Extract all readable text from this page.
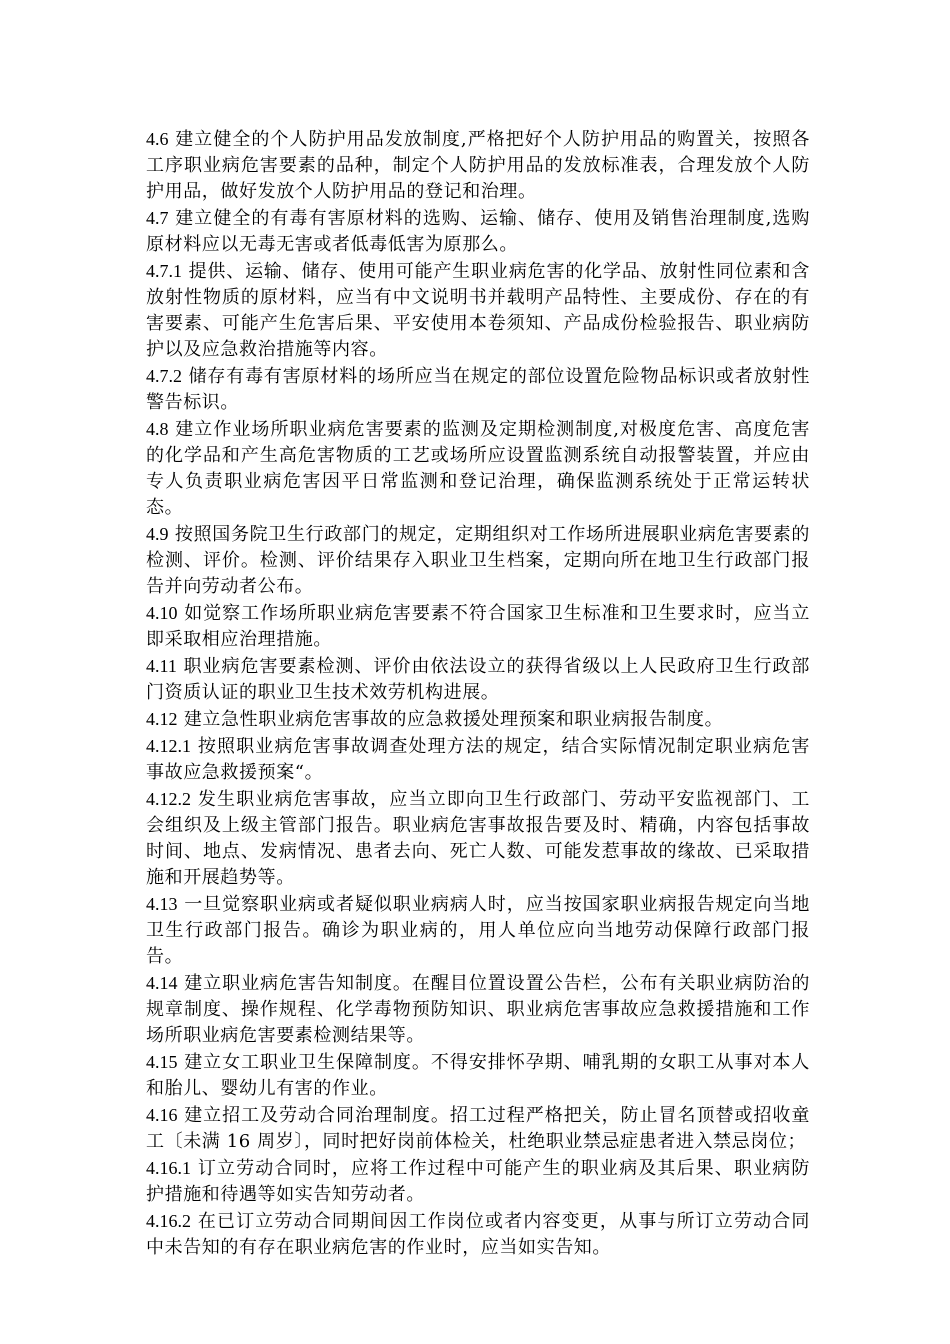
4.6 建立健全的个人防护用品发放制度,严格把好个人防护用品的购置关，按照各工序职业病危害要素的品种，制定个人防护用品的发放标准表，合理发放个人防护用品，做好发放个人防护用品的登记和治理。

4.7 建立健全的有毒有害原材料的选购、运输、储存、使用及销售治理制度,选购原材料应以无毒无害或者低毒低害为原那么。

4.7.1 提供、运输、储存、使用可能产生职业病危害的化学品、放射性同位素和含放射性物质的原材料，应当有中文说明书并载明产品特性、主要成份、存在的有害要素、可能产生危害后果、平安使用本卷须知、产品成份检验报告、职业病防护以及应急救治措施等内容。

4.7.2 储存有毒有害原材料的场所应当在规定的部位设置危险物品标识或者放射性警告标识。

4.8 建立作业场所职业病危害要素的监测及定期检测制度,对极度危害、高度危害的化学品和产生高危害物质的工艺或场所应设置监测系统自动报警装置，并应由专人负责职业病危害因平日常监测和登记治理，确保监测系统处于正常运转状态。

4.9 按照国务院卫生行政部门的规定，定期组织对工作场所进展职业病危害要素的检测、评价。检测、评价结果存入职业卫生档案，定期向所在地卫生行政部门报告并向劳动者公布。

4.10 如觉察工作场所职业病危害要素不符合国家卫生标准和卫生要求时，应当立即采取相应治理措施。

4.11 职业病危害要素检测、评价由依法设立的获得省级以上人民政府卫生行政部门资质认证的职业卫生技术效劳机构进展。

4.12 建立急性职业病危害事故的应急救援处理预案和职业病报告制度。

4.12.1 按照职业病危害事故调查处理方法的规定，结合实际情况制定职业病危害事故应急救援预案“。

4.12.2 发生职业病危害事故，应当立即向卫生行政部门、劳动平安监视部门、工会组织及上级主管部门报告。职业病危害事故报告要及时、精确，内容包括事故时间、地点、发病情况、患者去向、死亡人数、可能发惹事故的缘故、已采取措施和开展趋势等。

4.13 一旦觉察职业病或者疑似职业病病人时，应当按国家职业病报告规定向当地卫生行政部门报告。确诊为职业病的，用人单位应向当地劳动保障行政部门报告。

4.14 建立职业病危害告知制度。在醒目位置设置公告栏，公布有关职业病防治的规章制度、操作规程、化学毒物预防知识、职业病危害事故应急救援措施和工作场所职业病危害要素检测结果等。

4.15 建立女工职业卫生保障制度。不得安排怀孕期、哺乳期的女职工从事对本人和胎儿、婴幼儿有害的作业。

4.16 建立招工及劳动合同治理制度。招工过程严格把关，防止冒名顶替或招收童工〔未满 16 周岁〕，同时把好岗前体检关，杜绝职业禁忌症患者进入禁忌岗位；

4.16.1 订立劳动合同时，应将工作过程中可能产生的职业病及其后果、职业病防护措施和待遇等如实告知劳动者。

4.16.2 在已订立劳动合同期间因工作岗位或者内容变更，从事与所订立劳动合同中未告知的有存在职业病危害的作业时，应当如实告知。
